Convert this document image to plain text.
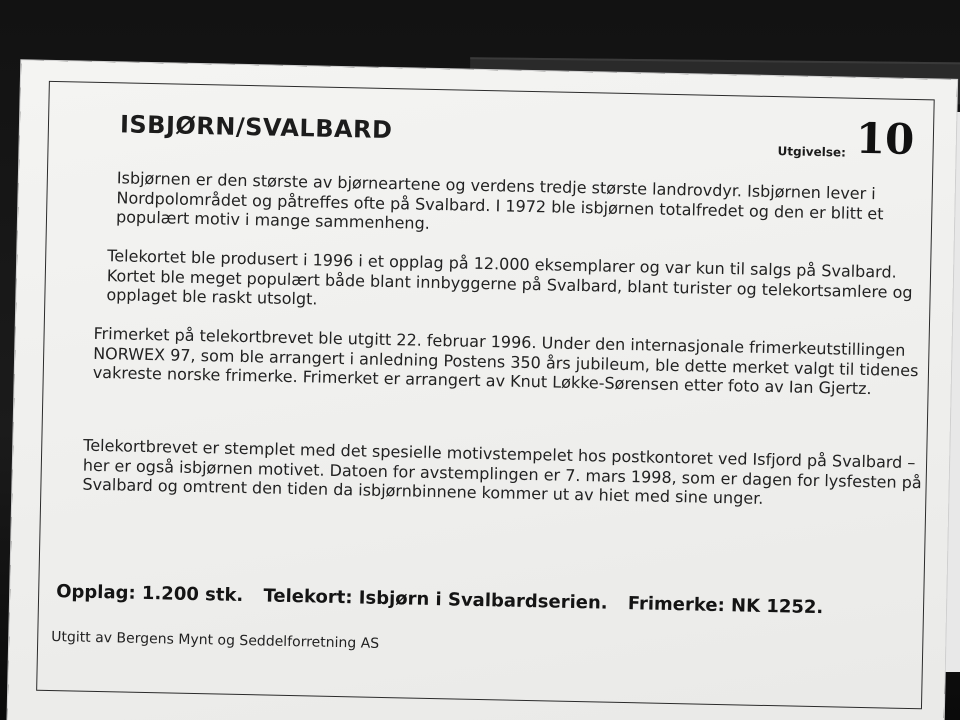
ISBJØRN/SVALBARD
Utgivelse: 10
Isbjørnen er den største av bjørneartene og verdens tredje største landrovdyr. Isbjørnen lever i Nordpolområdet og påtreffes ofte på Svalbard. I 1972 ble isbjørnen totalfredet og den er blitt et populært motiv i mange sammenheng.
Telekortet ble produsert i 1996 i et opplag på 12.000 eksemplarer og var kun til salgs på Svalbard. Kortet ble meget populært både blant innbyggerne på Svalbard, blant turister og telekortsamlere og opplaget ble raskt utsolgt.
Frimerket på telekortbrevet ble utgitt 22. februar 1996. Under den internasjonale frimerkeutstillingen NORWEX 97, som ble arrangert i anledning Postens 350 års jubileum, ble dette merket valgt til tidenes vakreste norske frimerke. Frimerket er arrangert av Knut Løkke-Sørensen etter foto av Ian Gjertz.
Telekortbrevet er stemplet med det spesielle motivstempelet hos postkontoret ved Isfjord på Svalbard – her er også isbjørnen motivet. Datoen for avstemplingen er 7. mars 1998, som er dagen for lysfesten på Svalbard og omtrent den tiden da isbjørnbinnene kommer ut av hiet med sine unger.
Opplag: 1.200 stk. Telekort: Isbjørn i Svalbardserien. Frimerke: NK 1252.
Utgitt av Bergens Mynt og Seddelforretning AS
